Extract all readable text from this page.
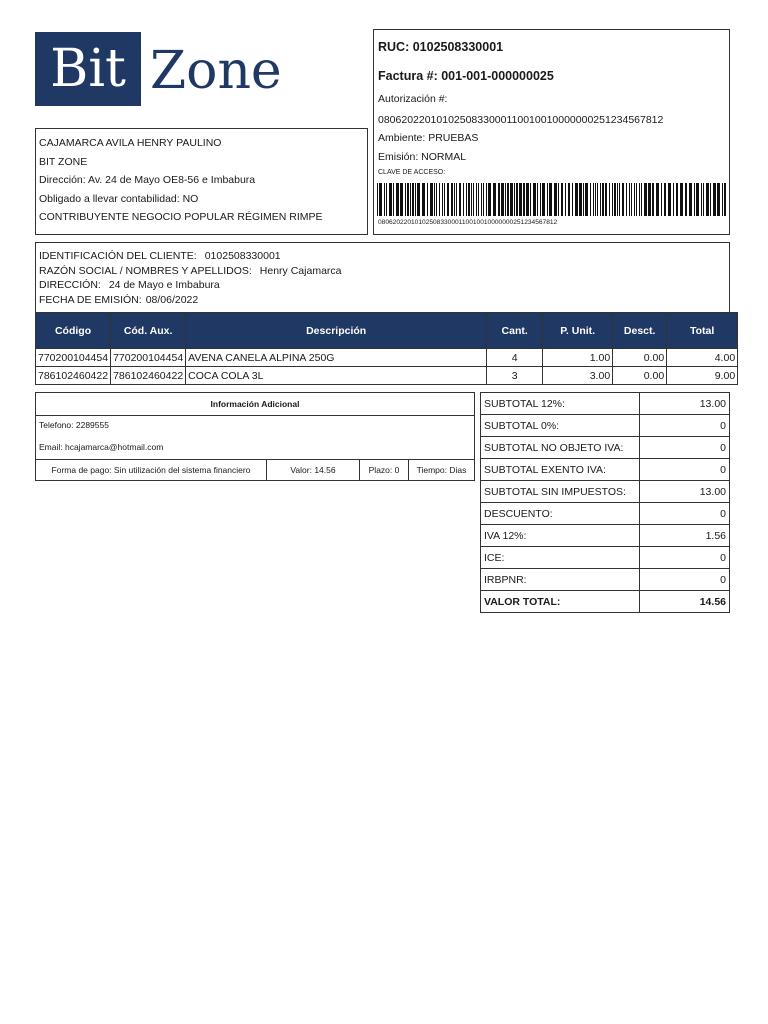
Bit Zone	RUC: 0102508330001
Factura #: 001-001-000000025
Autorización #:
0806202201010250833000110010010000000251234567812
Ambiente: PRUEBAS
Emisión: NORMAL
CLAVE DE ACCESO:
0806202201010250833000110010010000000251234567812
CAJAMARCA AVILA HENRY PAULINO
BIT ZONE
Dirección: Av. 24 de Mayo OE8-56 e Imbabura
Obligado a llevar contabilidad: NO
CONTRIBUYENTE NEGOCIO POPULAR RÉGIMEN RIMPE
IDENTIFICACIÓN DEL CLIENTE: 0102508330001
RAZÓN SOCIAL / NOMBRES Y APELLIDOS: Henry Cajamarca
DIRECCIÓN: 24 de Mayo e Imbabura
FECHA DE EMISIÓN: 08/06/2022
Código	Cód. Aux.	Descripción	Cant.	P. Unit.	Desct.	Total
770200104454	770200104454	AVENA CANELA ALPINA 250G	4	1.00	0.00	4.00
786102460422	786102460422	COCA COLA 3L	3	3.00	0.00	9.00
Información Adicional
Telefono: 2289555
Email: hcajamarca@hotmail.com
Forma de pago: Sin utilización del sistema financiero	Valor: 14.56	Plazo: 0	Tiempo: Dias
SUBTOTAL 12%:	13.00
SUBTOTAL 0%:	0
SUBTOTAL NO OBJETO IVA:	0
SUBTOTAL EXENTO IVA:	0
SUBTOTAL SIN IMPUESTOS:	13.00
DESCUENTO:	0
IVA 12%:	1.56
ICE:	0
IRBPNR:	0
VALOR TOTAL:	14.56
